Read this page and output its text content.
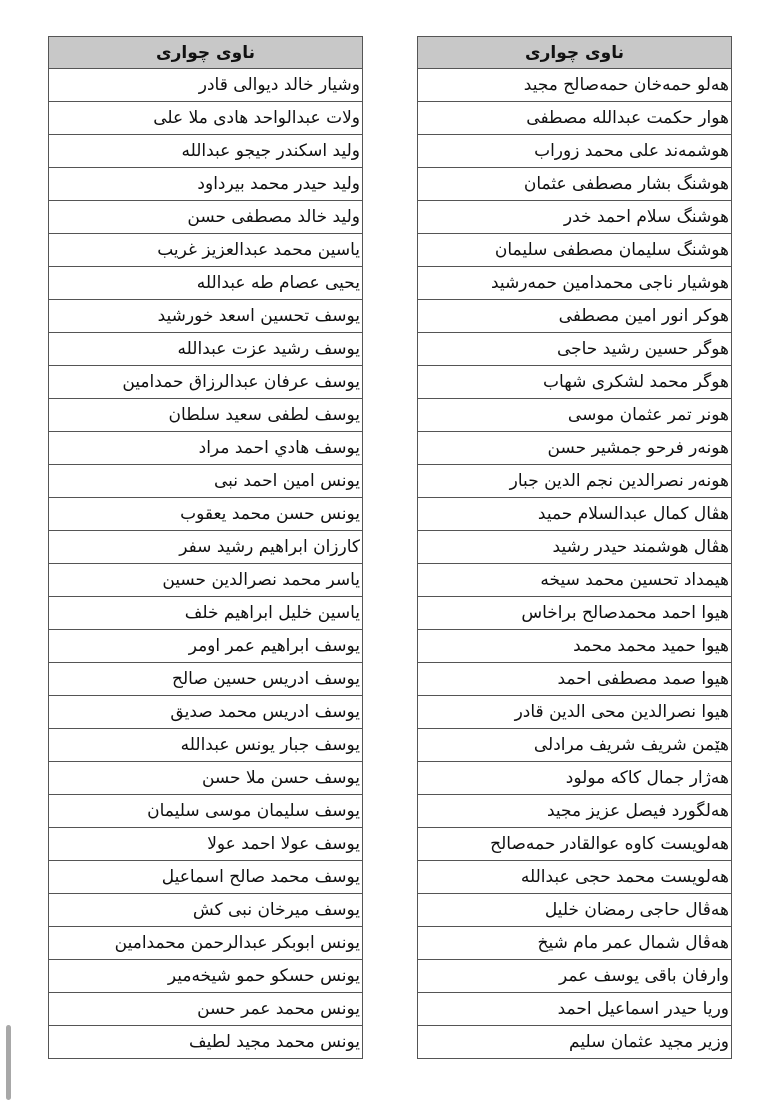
ناوی چواری
وشيار خالد ديوالى قادر
ولات عبدالواحد هادى ملا على
وليد اسكندر جيجو عبدالله
وليد حيدر محمد بيرداود
وليد خالد مصطفى حسن
ياسين محمد عبدالعزيز غريب
يحيى عصام طه عبدالله
يوسف تحسين اسعد خورشيد
يوسف رشيد عزت عبدالله
يوسف عرفان عبدالرزاق حمدامين
يوسف لطفى سعيد سلطان
يوسف هادي احمد مراد
يونس امين احمد نبى
يونس حسن محمد يعقوب
كارزان ابراهيم رشيد سفر
ياسر محمد نصرالدين حسين
ياسين خليل ابراهيم خلف
يوسف ابراهيم عمر اومر
يوسف ادريس حسين صالح
يوسف ادريس محمد صديق
يوسف جبار يونس عبدالله
يوسف حسن ملا حسن
يوسف سليمان موسى سليمان
يوسف عولا احمد عولا
يوسف محمد صالح اسماعيل
يوسف ميرخان نبى كش
يونس ابوبكر عبدالرحمن محمدامين
يونس حسكو حمو شيخەمير
يونس محمد عمر حسن
يونس محمد مجيد لطيف
ناوی چواری
هەلو حمەخان حمەصالح مجيد
هوار حكمت عبدالله مصطفى
هوشمەند على محمد زوراب
هوشنگ بشار مصطفى عثمان
هوشنگ سلام احمد خدر
هوشنگ سليمان مصطفى سليمان
هوشيار ناجى محمدامين حمەرشيد
هوكر انور امين مصطفى
هوگر حسين رشيد حاجى
هوگر محمد لشكرى شهاب
هونر تمر عثمان موسى
هونەر فرحو جمشير حسن
هونەر نصرالدين نجم الدين جبار
هڤال كمال عبدالسلام حميد
هڤال هوشمند حيدر رشيد
هيمداد تحسين محمد سيخه
هيوا احمد محمدصالح براخاس
هيوا حميد محمد محمد
هيوا صمد مصطفى احمد
هيوا نصرالدين محى الدين قادر
هێمن شريف شريف مرادلى
هەژار جمال كاكه مولود
هەلگورد فيصل عزيز مجيد
هەلويست كاوه عوالقادر حمەصالح
هەلويست محمد حجى عبدالله
هەڤال حاجى رمضان خليل
هەڤال شمال عمر مام شيخ
وارفان باقى يوسف عمر
وريا حيدر اسماعيل احمد
وزير مجيد عثمان سليم
